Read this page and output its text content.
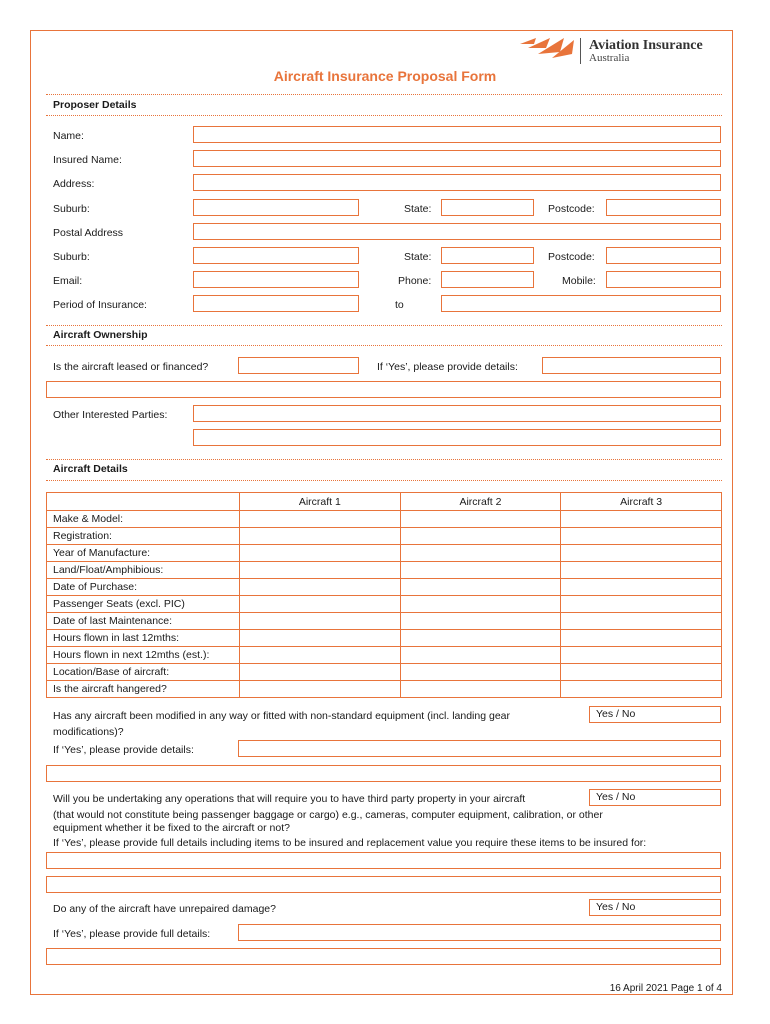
Aviation Insurance
Australia
Aircraft Insurance Proposal Form
Proposer Details
Name:
Insured Name:
Address:
Suburb:	State:	Postcode:
Postal Address
Suburb:	State:	Postcode:
Email:	Phone:	Mobile:
Period of Insurance:	to
Aircraft Ownership
Is the aircraft leased or financed?	If ‘Yes’, please provide details:
Other Interested Parties:
Aircraft Details
	Aircraft 1	Aircraft 2	Aircraft 3
Make & Model:			
Registration:			
Year of Manufacture:			
Land/Float/Amphibious:			
Date of Purchase:			
Passenger Seats (excl. PIC)			
Date of last Maintenance:			
Hours flown in last 12mths:			
Hours flown in next 12mths (est.):			
Location/Base of aircraft:			
Is the aircraft hangered?			
Has any aircraft been modified in any way or fitted with non-standard equipment (incl. landing gear	Yes / No
modifications)?
If ‘Yes’, please provide details:
Will you be undertaking any operations that will require you to have third party property in your aircraft	Yes / No
(that would not constitute being passenger baggage or cargo) e.g., cameras, computer equipment, calibration, or other
equipment whether it be fixed to the aircraft or not?
If ‘Yes’, please provide full details including items to be insured and replacement value you require these items to be insured for:
Do any of the aircraft have unrepaired damage?	Yes / No
If ‘Yes’, please provide full details:
16 April 2021 Page 1 of 4
